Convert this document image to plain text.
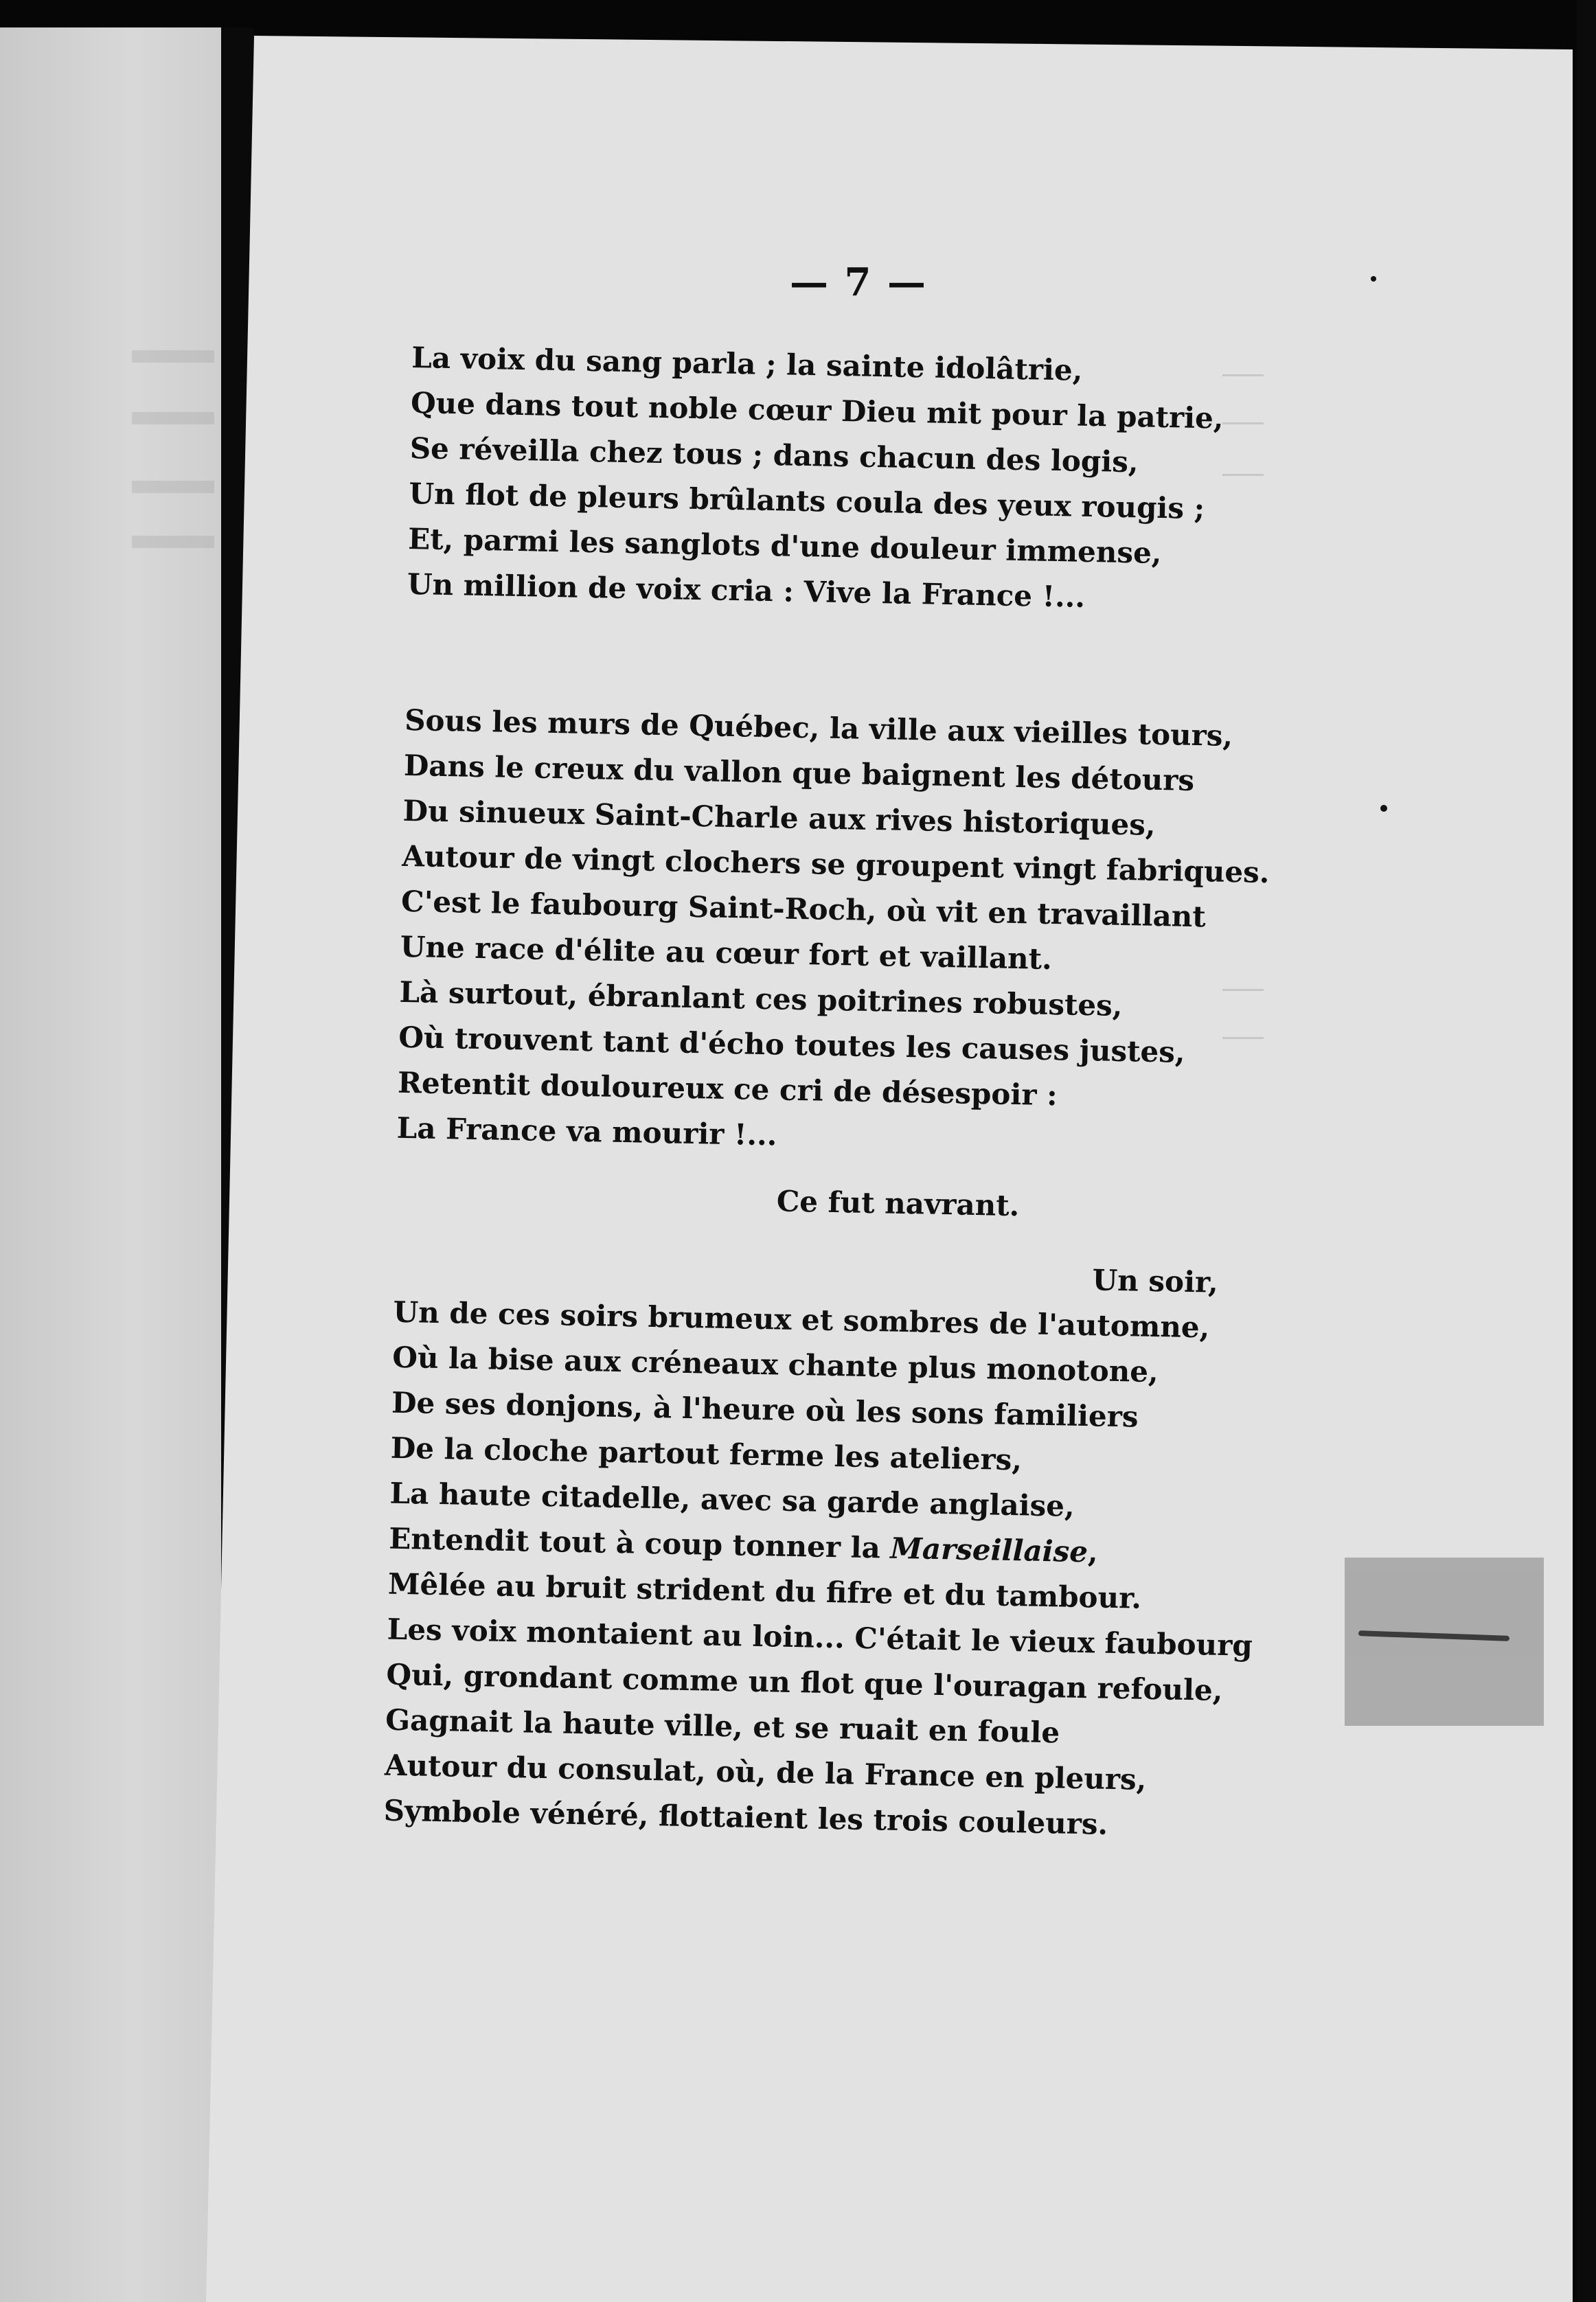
— 7 —
La voix du sang parla ; la sainte idolâtrie,
Que dans tout noble cœur Dieu mit pour la patrie,
Se réveilla chez tous ; dans chacun des logis,
Un flot de pleurs brûlants coula des yeux rougis ;
Et, parmi les sanglots d'une douleur immense,
Un million de voix cria : Vive la France !...
Sous les murs de Québec, la ville aux vieilles tours,
Dans le creux du vallon que baignent les détours
Du sinueux Saint-Charle aux rives historiques,
Autour de vingt clochers se groupent vingt fabriques.
C'est le faubourg Saint-Roch, où vit en travaillant
Une race d'élite au cœur fort et vaillant.
Là surtout, ébranlant ces poitrines robustes,
Où trouvent tant d'écho toutes les causes justes,
Retentit douloureux ce cri de désespoir :
La France va mourir !...
Ce fut navrant.
Un soir,
Un de ces soirs brumeux et sombres de l'automne,
Où la bise aux créneaux chante plus monotone,
De ses donjons, à l'heure où les sons familiers
De la cloche partout ferme les ateliers,
La haute citadelle, avec sa garde anglaise,
Entendit tout à coup tonner la Marseillaise,
Mêlée au bruit strident du fifre et du tambour.
Les voix montaient au loin... C'était le vieux faubourg
Qui, grondant comme un flot que l'ouragan refoule,
Gagnait la haute ville, et se ruait en foule
Autour du consulat, où, de la France en pleurs,
Symbole vénéré, flottaient les trois couleurs.
